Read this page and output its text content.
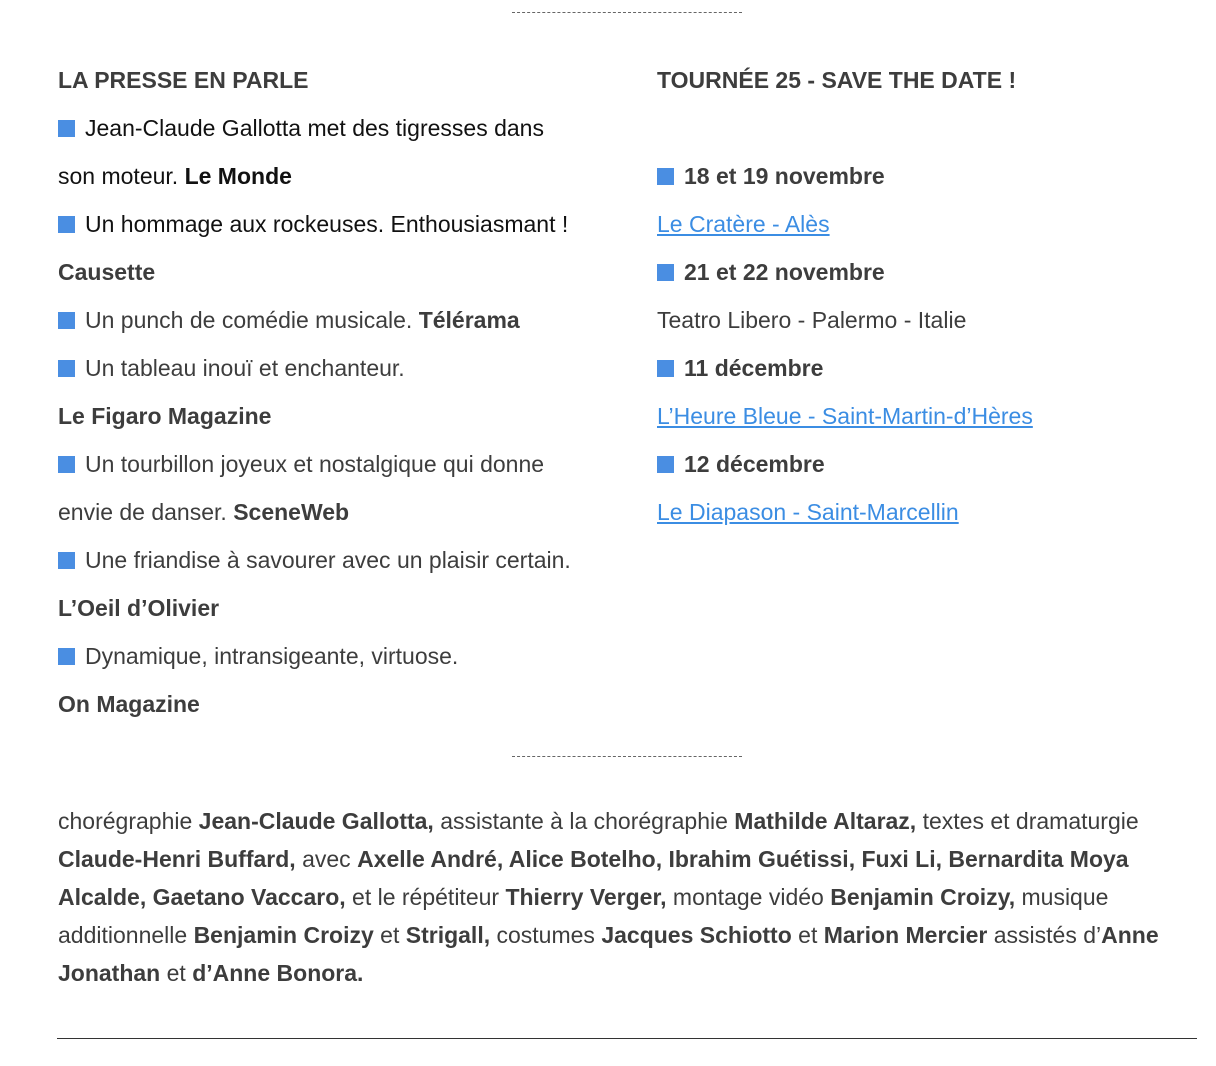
LA PRESSE EN PARLE
Jean-Claude Gallotta met des tigresses dans
son moteur. Le Monde
Un hommage aux rockeuses. Enthousiasmant !
Causette
Un punch de comédie musicale. Télérama
Un tableau inouï et enchanteur.
Le Figaro Magazine
Un tourbillon joyeux et nostalgique qui donne
envie de danser. SceneWeb
Une friandise à savourer avec un plaisir certain.
L’Oeil d’Olivier
Dynamique, intransigeante, virtuose.
On Magazine
TOURNÉE 25 - SAVE THE DATE !
18 et 19 novembre
Le Cratère - Alès
21 et 22 novembre
Teatro Libero - Palermo - Italie
11 décembre
L’Heure Bleue - Saint-Martin-d’Hères
12 décembre
Le Diapason - Saint-Marcellin
chorégraphie Jean-Claude Gallotta, assistante à la chorégraphie Mathilde Altaraz, textes et dramaturgie Claude-Henri Buffard, avec Axelle André, Alice Botelho, Ibrahim Guétissi, Fuxi Li, Bernardita Moya Alcalde, Gaetano Vaccaro, et le répétiteur Thierry Verger, montage vidéo Benjamin Croizy, musique additionnelle Benjamin Croizy et Strigall, costumes Jacques Schiotto et Marion Mercier assistés d’Anne Jonathan et d’Anne Bonora.
